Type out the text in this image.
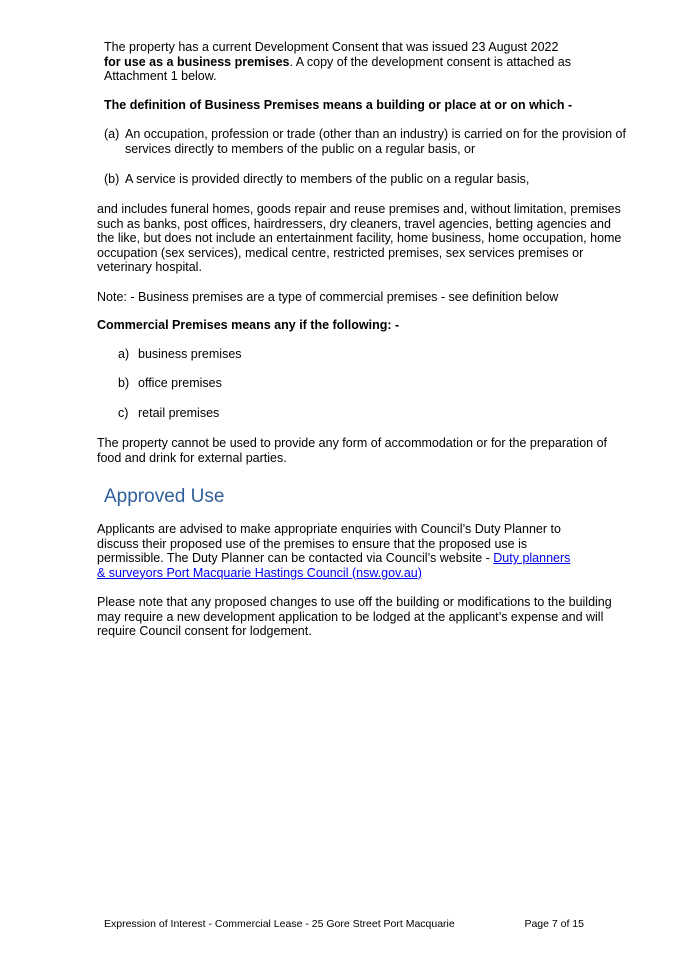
The property has a current Development Consent that was issued 23 August 2022

for use as a business premises. A copy of the development consent is attached as

Attachment 1 below.

The definition of Business Premises means a building or place at or on which -

(a) An occupation, profession or trade (other than an industry) is carried on for the provision of

services directly to members of the public on a regular basis, or

(b) A service is provided directly to members of the public on a regular basis,

and includes funeral homes, goods repair and reuse premises and, without limitation, premises

such as banks, post offices, hairdressers, dry cleaners, travel agencies, betting agencies and

the like, but does not include an entertainment facility, home business, home occupation, home

occupation (sex services), medical centre, restricted premises, sex services premises or

veterinary hospital.

Note: - Business premises are a type of commercial premises - see definition below

Commercial Premises means any if the following: -

a) business premises
b) office premises
c) retail premises

The property cannot be used to provide any form of accommodation or for the preparation of

food and drink for external parties.

Approved Use

Applicants are advised to make appropriate enquiries with Council’s Duty Planner to

discuss their proposed use of the premises to ensure that the proposed use is

permissible. The Duty Planner can be contacted via Council’s website - Duty planners

& surveyors Port Macquarie Hastings Council (nsw.gov.au)

Please note that any proposed changes to use off the building or modifications to the building

may require a new development application to be lodged at the applicant’s expense and will

require Council consent for lodgement.

Expression of Interest - Commercial Lease - 25 Gore Street Port Macquarie	Page 7 of 15
